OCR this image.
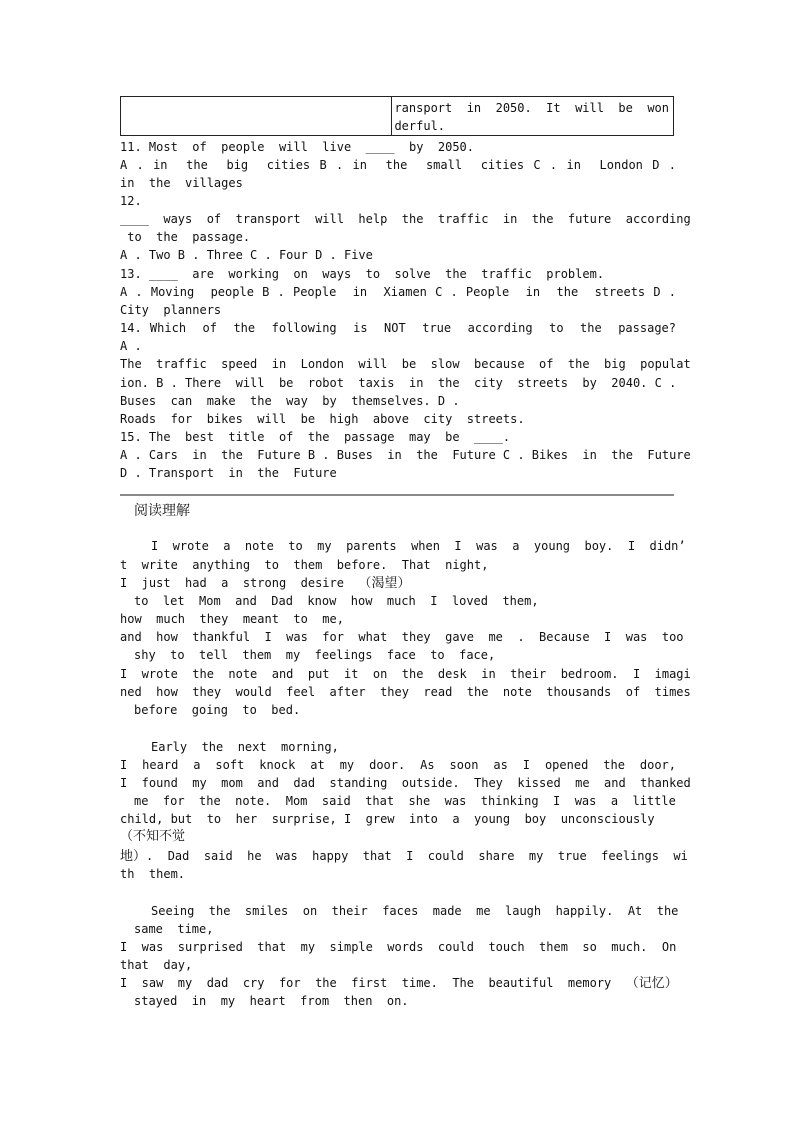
ransport  in  2050.  It  will  be  won
derful.
11. Most  of  people  will  live  ____  by  2050.
A . in  the  big  cities B . in  the  small  cities C . in  London D .
in  the  villages
12.
____  ways  of  transport  will  help  the  traffic  in  the  future  according
to  the  passage.
A . Two B . Three C . Four D . Five
13. ____  are  working  on  ways  to  solve  the  traffic  problem.
A . Moving  people B . People  in  Xiamen C . People  in  the  streets D .
City  planners
14. Which  of  the  following  is  NOT  true  according  to  the  passage?
A .
The  traffic  speed  in  London  will  be  slow  because  of  the  big  populat
ion. B . There  will  be  robot  taxis  in  the  city  streets  by  2040. C .
Buses  can  make  the  way  by  themselves. D .
Roads  for  bikes  will  be  high  above  city  streets.
15. The  best  title  of  the  passage  may  be  ____.
A . Cars  in  the  Future B . Buses  in  the  Future C . Bikes  in  the  Future
D . Transport  in  the  Future
阅读理解
I  wrote  a  note  to  my  parents  when  I  was  a  young  boy.  I  didn’
t  write  anything  to  them  before.  That  night,
I  just  had  a  strong  desire  （渴望）
to  let  Mom  and  Dad  know  how  much  I  loved  them,
how  much  they  meant  to  me,
and  how  thankful  I  was  for  what  they  gave  me  .  Because  I  was  too
shy  to  tell  them  my  feelings  face  to  face,
I  wrote  the  note  and  put  it  on  the  desk  in  their  bedroom.  I  imagi
ned  how  they  would  feel  after  they  read  the  note  thousands  of  times
before  going  to  bed.
Early  the  next  morning,
I  heard  a  soft  knock  at  my  door.  As  soon  as  I  opened  the  door,
I  found  my  mom  and  dad  standing  outside.  They  kissed  me  and  thanked
me  for  the  note.  Mom  said  that  she  was  thinking  I  was  a  little
child, but  to  her  surprise, I  grew  into  a  young  boy  unconsciously
（不知不觉
地）.  Dad  said  he  was  happy  that  I  could  share  my  true  feelings  wi
th  them.
Seeing  the  smiles  on  their  faces  made  me  laugh  happily.  At  the
same  time,
I  was  surprised  that  my  simple  words  could  touch  them  so  much.  On
that  day,
I  saw  my  dad  cry  for  the  first  time.  The  beautiful  memory  （记忆）
stayed  in  my  heart  from  then  on.
